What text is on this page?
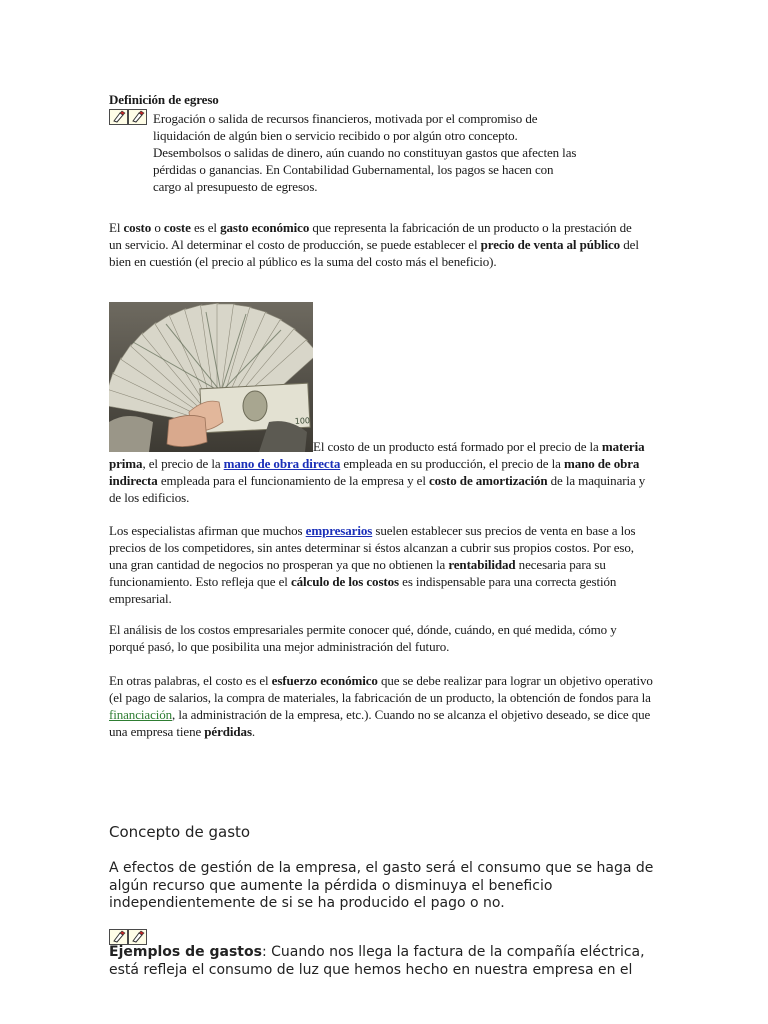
Definición de egreso

Erogación o salida de recursos financieros, motivada por el compromiso de

liquidación de algún bien o servicio recibido o por algún otro concepto.

Desembolsos o salidas de dinero, aún cuando no constituyan gastos que afecten las

pérdidas o ganancias. En Contabilidad Gubernamental, los pagos se hacen con

cargo al presupuesto de egresos.

El costo o coste es el gasto económico que representa la fabricación de un producto o la prestación de un servicio. Al determinar el costo de producción, se puede establecer el precio de venta al público del bien en cuestión (el precio al público es la suma del costo más el beneficio).

100

El costo de un producto está formado por el precio de la materia prima, el precio de la mano de obra directa empleada en su producción, el precio de la mano de obra indirecta empleada para el funcionamiento de la empresa y el costo de amortización de la maquinaria y de los edificios.

Los especialistas afirman que muchos empresarios suelen establecer sus precios de venta en base a los precios de los competidores, sin antes determinar si éstos alcanzan a cubrir sus propios costos. Por eso, una gran cantidad de negocios no prosperan ya que no obtienen la rentabilidad necesaria para su funcionamiento. Esto refleja que el cálculo de los costos es indispensable para una correcta gestión empresarial.

El análisis de los costos empresariales permite conocer qué, dónde, cuándo, en qué medida, cómo y porqué pasó, lo que posibilita una mejor administración del futuro.

En otras palabras, el costo es el esfuerzo económico que se debe realizar para lograr un objetivo operativo (el pago de salarios, la compra de materiales, la fabricación de un producto, la obtención de fondos para la financiación, la administración de la empresa, etc.). Cuando no se alcanza el objetivo deseado, se dice que una empresa tiene pérdidas.

Concepto de gasto

A efectos de gestión de la empresa, el gasto será el consumo que se haga de algún recurso que aumente la pérdida o disminuya el beneficio independientemente de si se ha producido el pago o no.

Ejemplos de gastos: Cuando nos llega la factura de la compañía eléctrica, está refleja el consumo de luz que hemos hecho en nuestra empresa en el
